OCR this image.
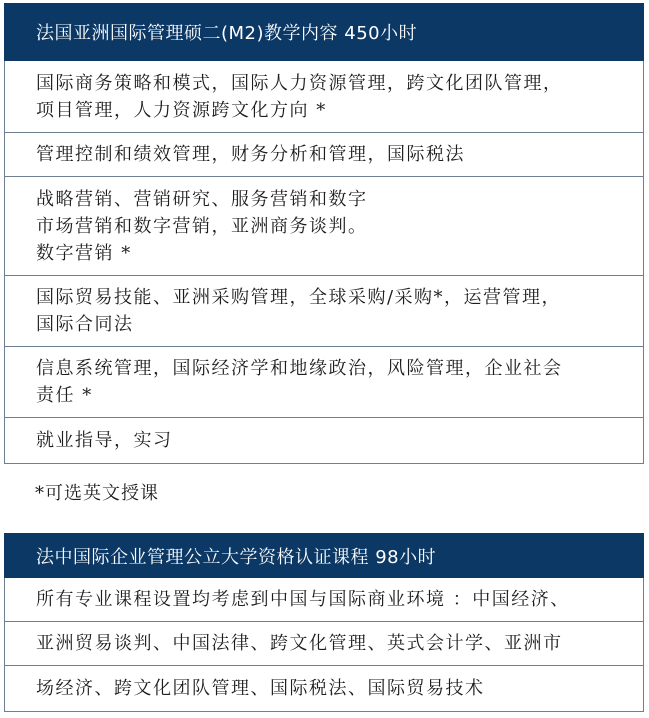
法国亚洲国际管理硕二(M2)教学内容 450小时
国际商务策略和模式，国际人力资源管理，跨文化团队管理，
项目管理，人力资源跨文化方向 *
管理控制和绩效管理，财务分析和管理，国际税法
战略营销、营销研究、服务营销和数字
市场营销和数字营销，亚洲商务谈判。
数字营销 *
国际贸易技能、亚洲采购管理，全球采购/采购*，运营管理，
国际合同法
信息系统管理，国际经济学和地缘政治，风险管理，企业社会
责任 *
就业指导，实习
*可选英文授课
法中国际企业管理公立大学资格认证课程 98小时
所有专业课程设置均考虑到中国与国际商业环境 ：中国经济、
亚洲贸易谈判、中国法律、跨文化管理、英式会计学、亚洲市
场经济、跨文化团队管理、国际税法、国际贸易技术
